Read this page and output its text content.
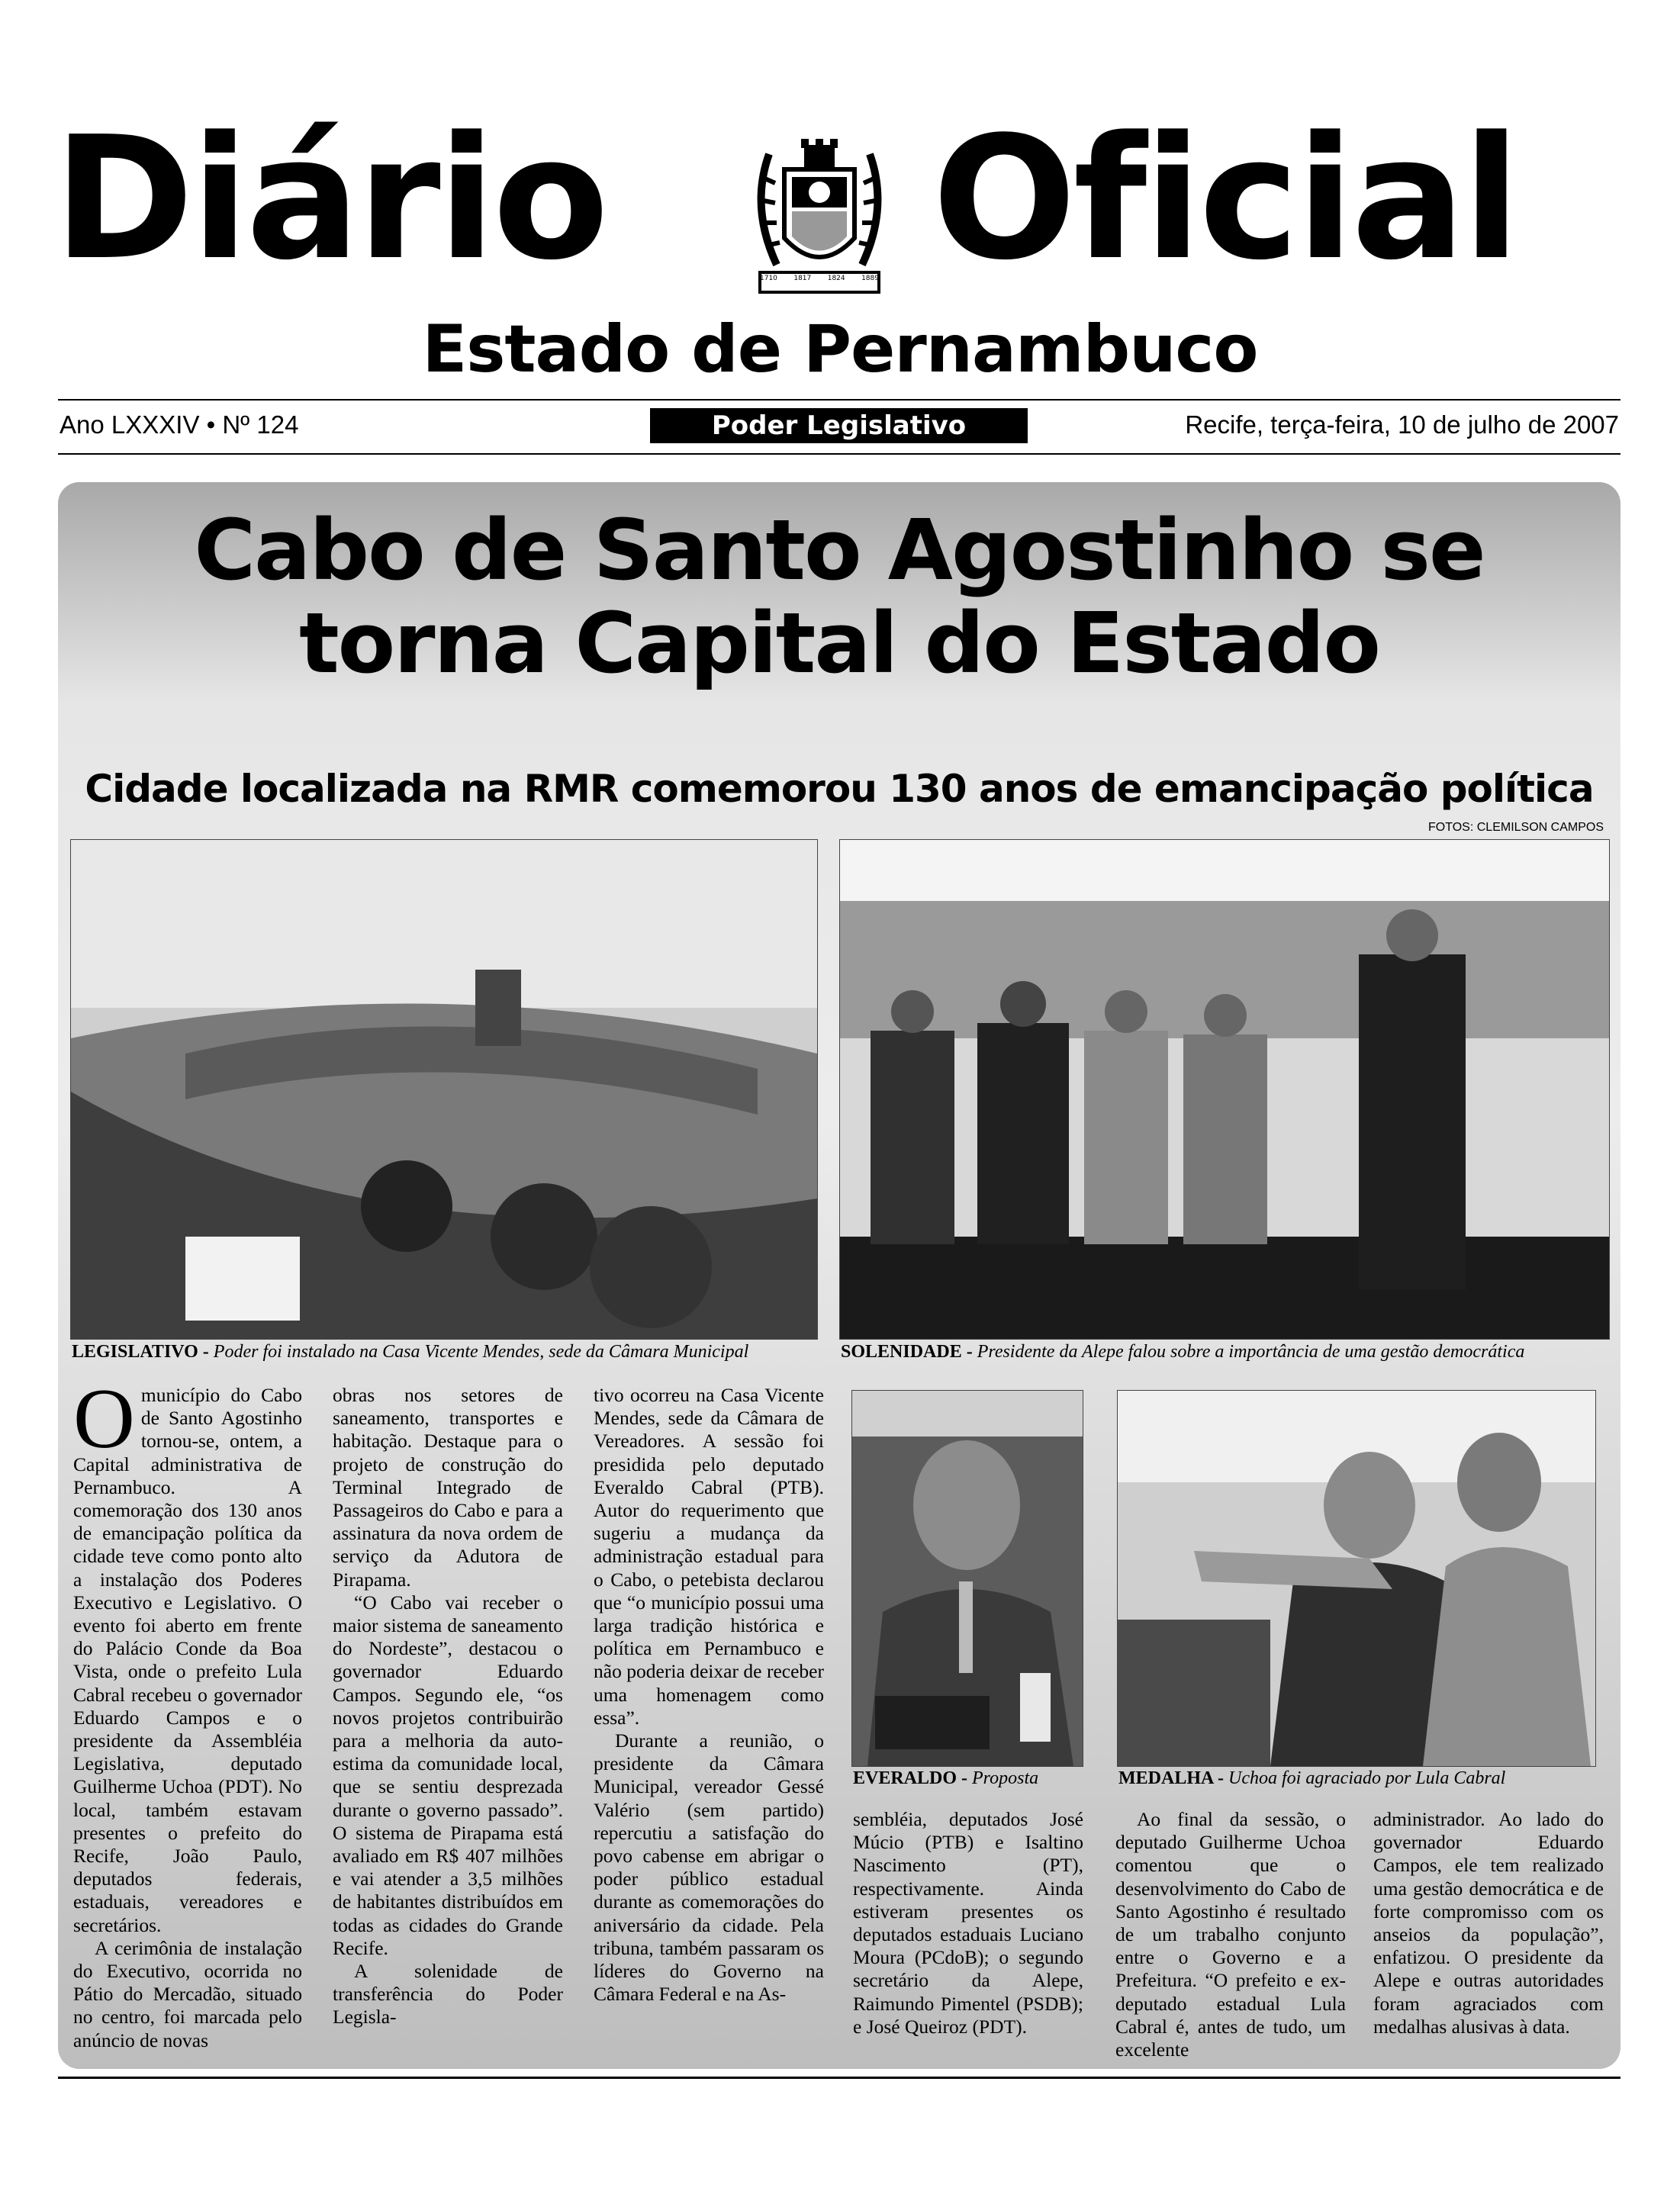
Diário	1710 1817 1824 1889 Oficial
Estado de Pernambuco
Ano LXXXIV • Nº 124	Poder Legislativo	Recife, terça-feira, 10 de julho de 2007
Cabo de Santo Agostinho se
torna Capital do Estado
Cidade localizada na RMR comemorou 130 anos de emancipação política
FOTOS: CLEMILSON CAMPOS
LEGISLATIVO - Poder foi instalado na Casa Vicente Mendes, sede da Câmara Municipal	SOLENIDADE - Presidente da Alepe falou sobre a importância de uma gestão democrática

Omunicípio do Cabo de Santo Agostinho tornou-se, ontem, a Capital administrativa de Pernambuco. A comemoração dos 130 anos de emancipação política da cidade teve como ponto alto a instalação dos Poderes Executivo e Legislativo. O evento foi aberto em frente do Palácio Conde da Boa Vista, onde o prefeito Lula Cabral recebeu o governador Eduardo Campos e o presidente da Assembléia Legislativa, deputado Guilherme Uchoa (PDT). No local, também estavam presentes o prefeito do Recife, João Paulo, deputados federais, estaduais, vereadores e secretários.

A cerimônia de instalação do Executivo, ocorrida no Pátio do Mercadão, situado no centro, foi marcada pelo anúncio de novas

obras nos setores de saneamento, transportes e habitação. Destaque para o projeto de construção do Terminal Integrado de Passageiros do Cabo e para a assinatura da nova ordem de serviço da Adutora de Pirapama.

“O Cabo vai receber o maior sistema de saneamento do Nordeste”, destacou o governador Eduardo Campos. Segundo ele, “os novos projetos contribuirão para a melhoria da auto-estima da comunidade local, que se sentiu desprezada durante o governo passado”. O sistema de Pirapama está avaliado em R$ 407 milhões e vai atender a 3,5 milhões de habitantes distribuídos em todas as cidades do Grande Recife.

A solenidade de transferência do Poder Legisla-

tivo ocorreu na Casa Vicente Mendes, sede da Câmara de Vereadores. A sessão foi presidida pelo deputado Everaldo Cabral (PTB). Autor do requerimento que sugeriu a mudança da administração estadual para o Cabo, o petebista declarou que “o município possui uma larga tradição histórica e política em Pernambuco e não poderia deixar de receber uma homenagem como essa”.

Durante a reunião, o presidente da Câmara Municipal, vereador Gessé Valério (sem partido) repercutiu a satisfação do povo cabense em abrigar o poder público estadual durante as comemorações do aniversário da cidade. Pela tribuna, também passaram os líderes do Governo na Câmara Federal e na As-

EVERALDO - Proposta	MEDALHA - Uchoa foi agraciado por Lula Cabral

sembléia, deputados José Múcio (PTB) e Isaltino Nascimento (PT), respectivamente. Ainda estiveram presentes os deputados estaduais Luciano Moura (PCdoB); o segundo secretário da Alepe, Raimundo Pimentel (PSDB); e José Queiroz (PDT).

Ao final da sessão, o deputado Guilherme Uchoa comentou que o desenvolvimento do Cabo de Santo Agostinho é resultado de um trabalho conjunto entre o Governo e a Prefeitura. “O prefeito e ex-deputado estadual Lula Cabral é, antes de tudo, um excelente

administrador. Ao lado do governador Eduardo Campos, ele tem realizado uma gestão democrática e de forte compromisso com os anseios da população”, enfatizou. O presidente da Alepe e outras autoridades foram agraciados com medalhas alusivas à data.
